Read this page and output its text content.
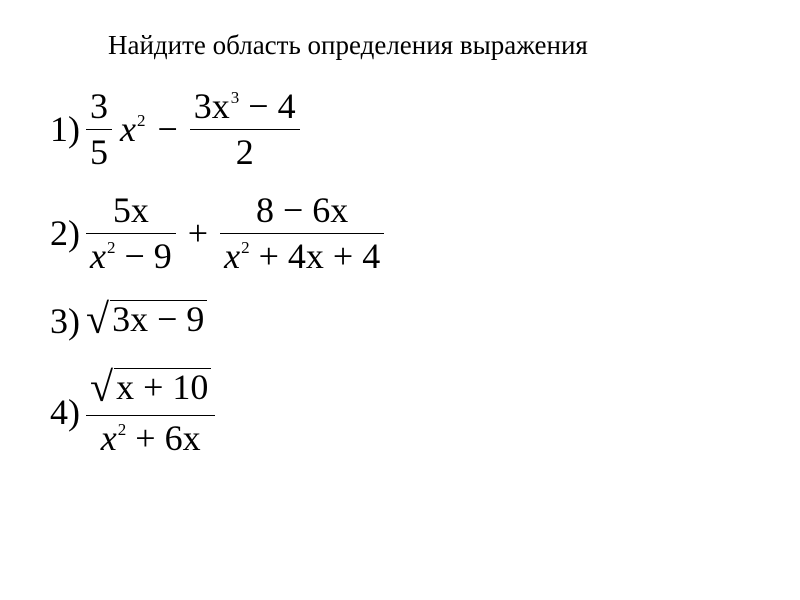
Найдите область определения выражения
$1) \frac{3}{5} x^2 - \frac{3x^3 - 4}{2}$
$2) \frac{5x}{x^2 - 9} + \frac{8 - 6x}{x^2 + 4x + 4}$
3) √ 3x − 9
$4) \frac{√ x + 10}{x^2 + 6x}$
